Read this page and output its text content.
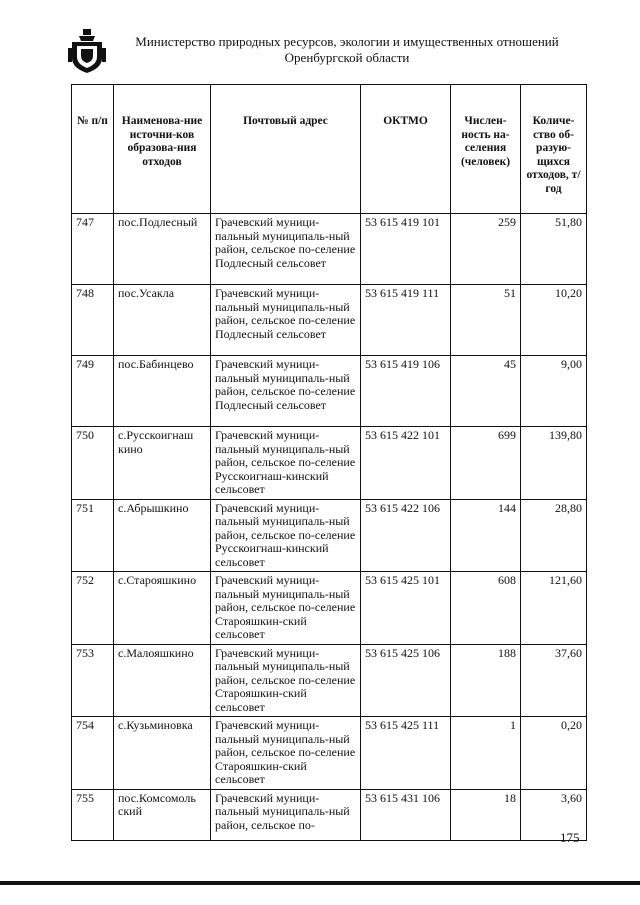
Министерство природных ресурсов, экологии и имущественных отношений
Оренбургской области
№ п/п	Наименова-ние источни-ков образова-ния отходов	Почтовый адрес	ОКТМО	Числен-ность на-селения (человек)	Количе-ство об-разую-щихся отходов, т/год
747	пос.Подлесный	Грачевский муници-пальный муниципаль-ный район, сельское по-селение Подлесный сельсовет	53 615 419 101	259	51,80
748	пос.Усакла	Грачевский муници-пальный муниципаль-ный район, сельское по-селение Подлесный сельсовет	53 615 419 111	51	10,20
749	пос.Бабинцево	Грачевский муници-пальный муниципаль-ный район, сельское по-селение Подлесный сельсовет	53 615 419 106	45	9,00
750	с.Русскоигнаш кино	Грачевский муници-пальный муниципаль-ный район, сельское по-селение Русскоигнаш-кинский сельсовет	53 615 422 101	699	139,80
751	с.Абрышкино	Грачевский муници-пальный муниципаль-ный район, сельское по-селение Русскоигнаш-кинский сельсовет	53 615 422 106	144	28,80
752	с.Старояшкино	Грачевский муници-пальный муниципаль-ный район, сельское по-селение Старояшкин-ский сельсовет	53 615 425 101	608	121,60
753	с.Малояшкино	Грачевский муници-пальный муниципаль-ный район, сельское по-селение Старояшкин-ский сельсовет	53 615 425 106	188	37,60
754	с.Кузьминовка	Грачевский муници-пальный муниципаль-ный район, сельское по-селение Старояшкин-ский сельсовет	53 615 425 111	1	0,20
755	пос.Комсомоль ский	Грачевский муници-пальный муниципаль-ный район, сельское по-	53 615 431 106	18	3,60
175
